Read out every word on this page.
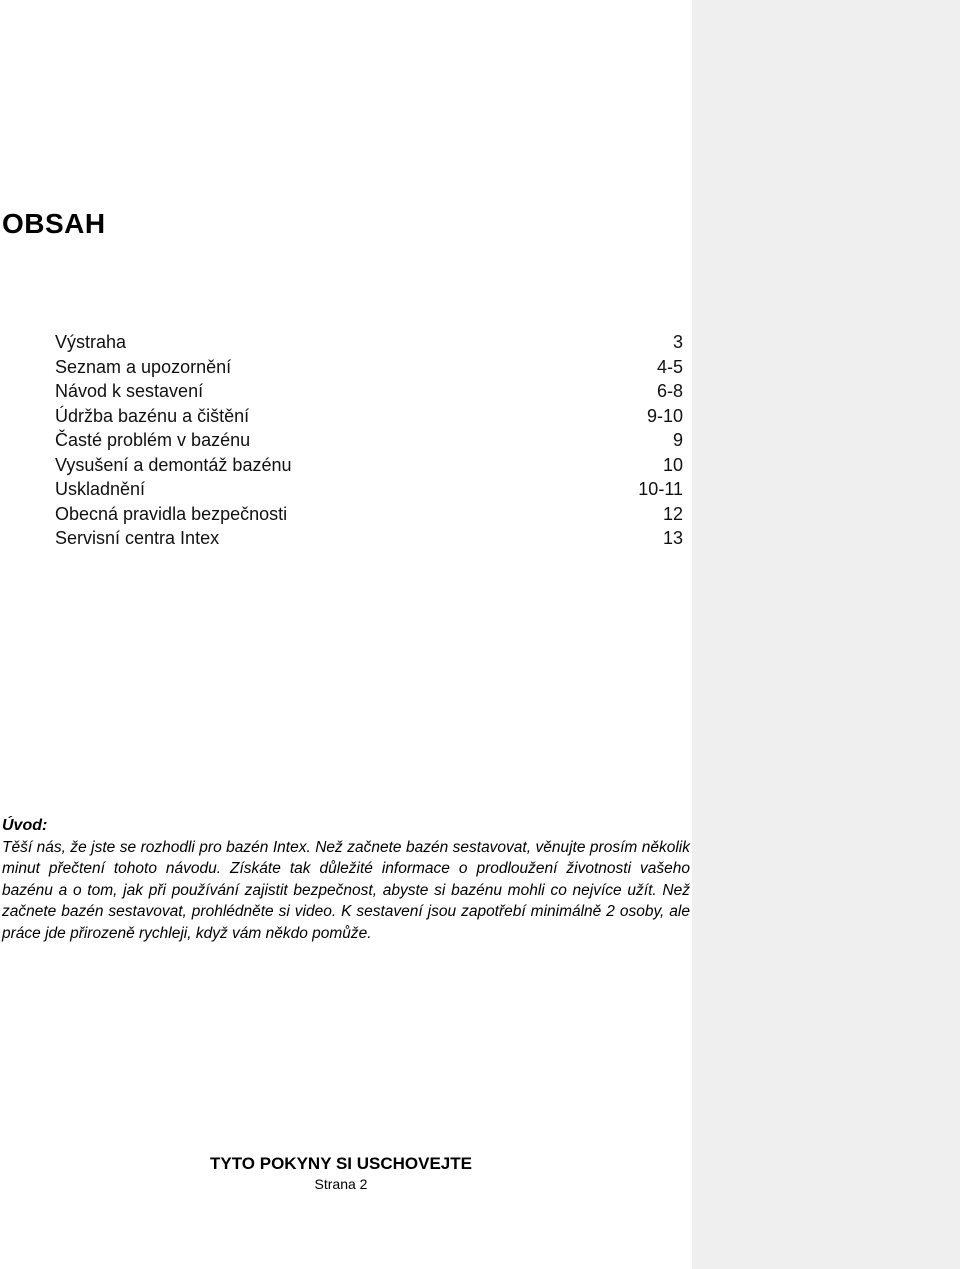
OBSAH
Výstraha	3
Seznam a upozornění	4-5
Návod k sestavení	6-8
Údržba bazénu a čištění	9-10
Časté problém v bazénu	9
Vysušení a demontáž bazénu	10
Uskladnění	10-11
Obecná pravidla bezpečnosti	12
Servisní centra Intex	13

Úvod:

Těší nás, že jste se rozhodli pro bazén Intex. Než začnete bazén sestavovat, věnujte prosím několik minut přečtení tohoto návodu. Získáte tak důležité informace o prodloužení životnosti vašeho bazénu a o tom, jak při používání zajistit bezpečnost, abyste si bazénu mohli co nejvíce užít. Než začnete bazén sestavovat, prohlédněte si video. K sestavení jsou zapotřebí minimálně 2 osoby, ale práce jde přirozeně rychleji, když vám někdo pomůže.

TYTO POKYNY SI USCHOVEJTE

Strana 2
